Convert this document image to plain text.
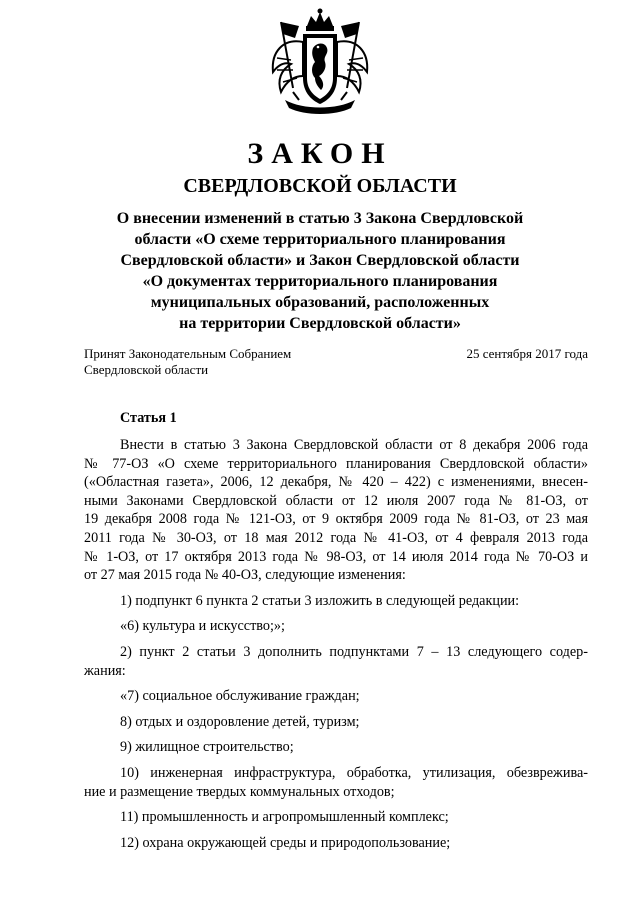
ЗАКОН
СВЕРДЛОВСКОЙ ОБЛАСТИ
О внесении изменений в статью 3 Закона Свердловской
области «О схеме территориального планирования
Свердловской области» и Закон Свердловской области
«О документах территориального планирования
муниципальных образований, расположенных
на территории Свердловской области»
Принят Законодательным Собранием
Свердловской области
25 сентября 2017 года
Статья 1
Внести в статью 3 Закона Свердловской области от 8 декабря 2006 года
№ 77-ОЗ «О схеме территориального планирования Свердловской области»
(«Областная газета», 2006, 12 декабря, № 420 – 422) с изменениями, внесен-
ными Законами Свердловской области от 12 июля 2007 года № 81-ОЗ, от
19 декабря 2008 года № 121-ОЗ, от 9 октября 2009 года № 81-ОЗ, от 23 мая
2011 года № 30-ОЗ, от 18 мая 2012 года № 41-ОЗ, от 4 февраля 2013 года
№ 1-ОЗ, от 17 октября 2013 года № 98-ОЗ, от 14 июля 2014 года № 70-ОЗ и
от 27 мая 2015 года № 40-ОЗ, следующие изменения:
1) подпункт 6 пункта 2 статьи 3 изложить в следующей редакции:
«6) культура и искусство;»;
2) пункт 2 статьи 3 дополнить подпунктами 7 – 13 следующего содер-
жания:
«7) социальное обслуживание граждан;
8) отдых и оздоровление детей, туризм;
9) жилищное строительство;
10) инженерная инфраструктура, обработка, утилизация, обезврежива-
ние и размещение твердых коммунальных отходов;
11) промышленность и агропромышленный комплекс;
12) охрана окружающей среды и природопользование;
